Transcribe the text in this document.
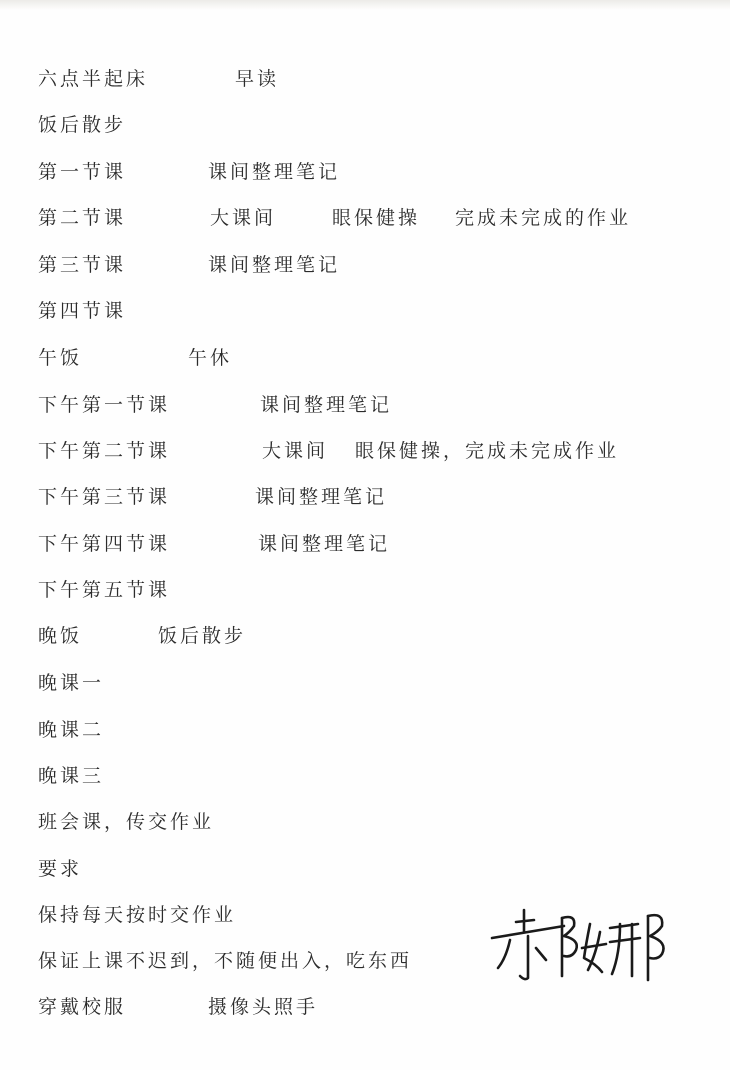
六点半起床	早读
饭后散步
第一节课	课间整理笔记
第二节课	大课间	眼保健操 完成未完成的作业
第三节课	课间整理笔记
第四节课
午饭	午休
下午第一节课	课间整理笔记
下午第二节课	大课间 眼保健操，完成未完成作业
下午第三节课	课间整理笔记
下午第四节课	课间整理笔记
下午第五节课
晚饭	饭后散步
晚课一
晚课二
晚课三
班会课，传交作业
要求
保持每天按时交作业
保证上课不迟到，不随便出入，吃东西
穿戴校服	摄像头照手
